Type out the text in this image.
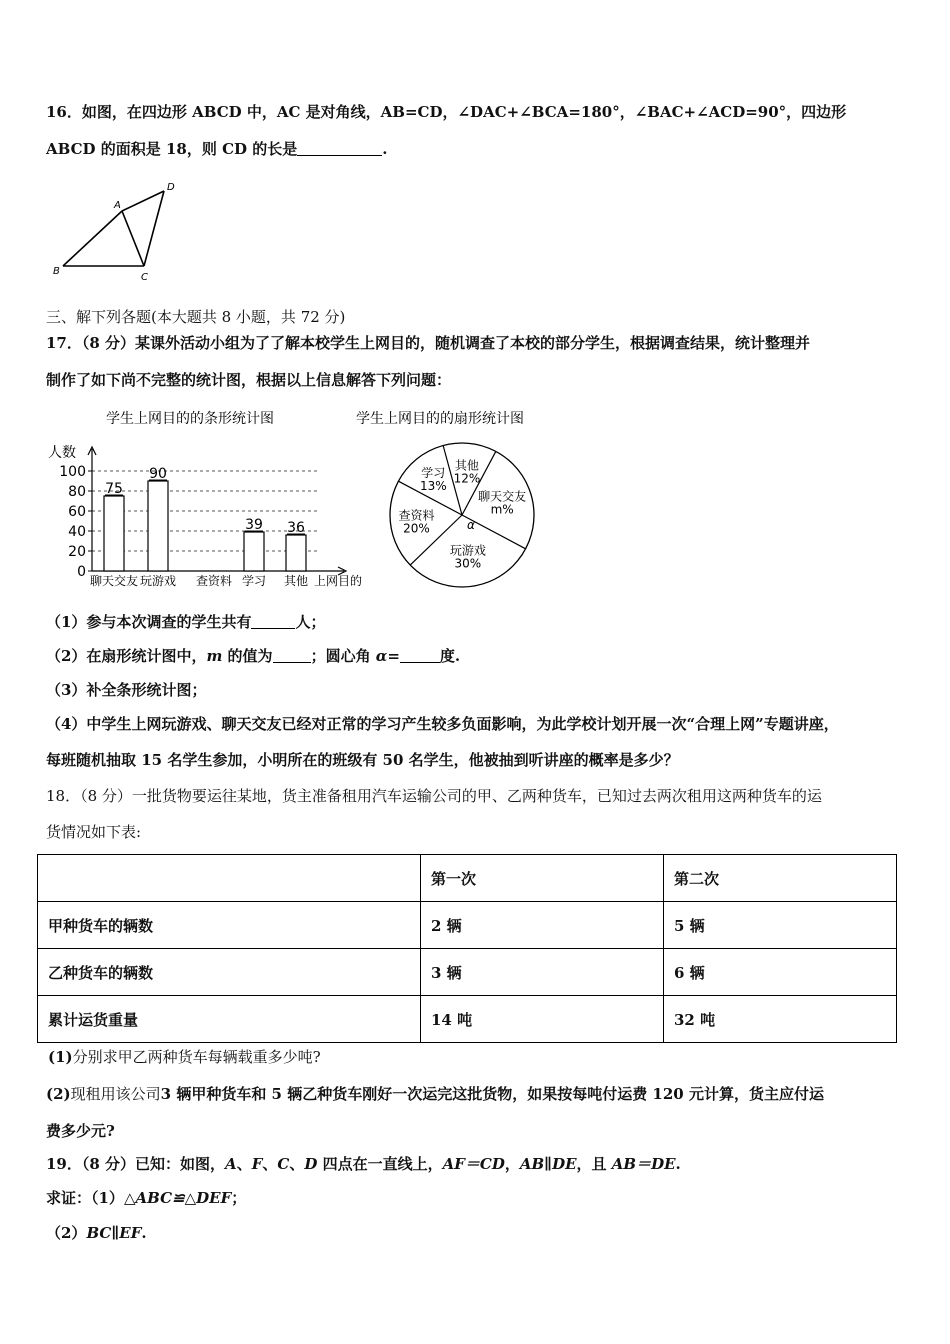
16．如图，在四边形 ABCD 中，AC 是对角线，AB=CD，∠DAC+∠BCA=180°，∠BAC+∠ACD=90°，四边形
ABCD 的面积是 18，则 CD 的长是	.
A
B
C
D
三、解下列各题(本大题共 8 小题，共 72 分)
17．（8 分）某课外活动小组为了了解本校学生上网目的，随机调查了本校的部分学生，根据调查结果，统计整理并
制作了如下尚不完整的统计图，根据以上信息解答下列问题：
学生上网目的的条形统计图
人数
0
20
40
60
80
100
上网目的
聊天交友
75
玩游戏
90
查资料 学习
39
其他
36
学生上网目的的扇形统计图
其他
12%
学习
13%
查资料
20%
玩游戏
30%
聊天交友
m%
α
（1）参与本次调查的学生共有	人；
（2）在扇形统计图中，m 的值为	；圆心角 α=	度.
（3）补全条形统计图；
（4）中学生上网玩游戏、聊天交友已经对正常的学习产生较多负面影响，为此学校计划开展一次“合理上网”专题讲座，
每班随机抽取 15 名学生参加，小明所在的班级有 50 名学生，他被抽到听讲座的概率是多少？
18．（8 分）一批货物要运往某地，货主准备租用汽车运输公司的甲、乙两种货车，已知过去两次租用这两种货车的运
货情况如下表:
	第一次	第二次
甲种货车的辆数	2 辆	5 辆
乙种货车的辆数	3 辆	6 辆
累计运货重量	14 吨	32 吨
(1)分别求甲乙两种货车每辆载重多少吨?
(2)现租用该公司3 辆甲种货车和 5 辆乙种货车刚好一次运完这批货物，如果按每吨付运费 120 元计算，货主应付运
费多少元?
19．（8 分）已知：如图，A、F、C、D 四点在一直线上，AF＝CD，AB∥DE，且 AB＝DE.
求证：（1）△ABC≌△DEF；
（2）BC∥EF.
